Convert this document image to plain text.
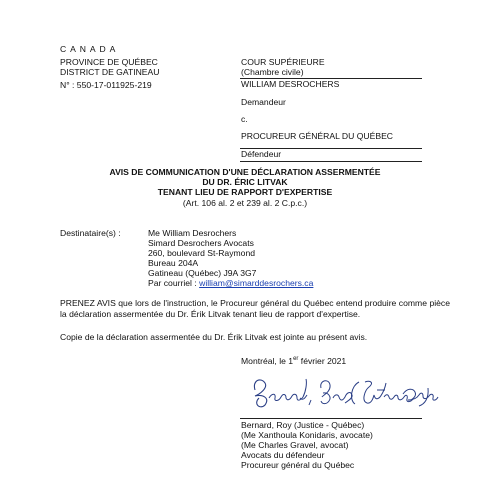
C A N A D A
PROVINCE DE QUÉBEC
DISTRICT DE GATINEAU
N° : 550-17-011925-219
COUR SUPÉRIEURE
(Chambre civile)
WILLIAM DESROCHERS
Demandeur
c.
PROCUREUR GÉNÉRAL DU QUÉBEC
Défendeur
AVIS DE COMMUNICATION D'UNE DÉCLARATION ASSERMENTÉE
DU DR. ÉRIC LITVAK
TENANT LIEU DE RAPPORT D'EXPERTISE
(Art. 106 al. 2 et 239 al. 2 C.p.c.)
Destinataire(s) :	Me William Desrochers
Simard Desrochers Avocats
260, boulevard St-Raymond
Bureau 204A
Gatineau (Québec) J9A 3G7
Par courriel : william@simarddesrochers.ca
PRENEZ AVIS que lors de l'instruction, le Procureur général du Québec entend produire comme pièce la déclaration assermentée du Dr. Érik Litvak tenant lieu de rapport d'expertise.
Copie de la déclaration assermentée du Dr. Érik Litvak est jointe au présent avis.
Montréal, le 1er février 2021
Bernard, Roy (Justice - Québec)
(Me Xanthoula Konidaris, avocate)
(Me Charles Gravel, avocat)
Avocats du défendeur
Procureur général du Québec
